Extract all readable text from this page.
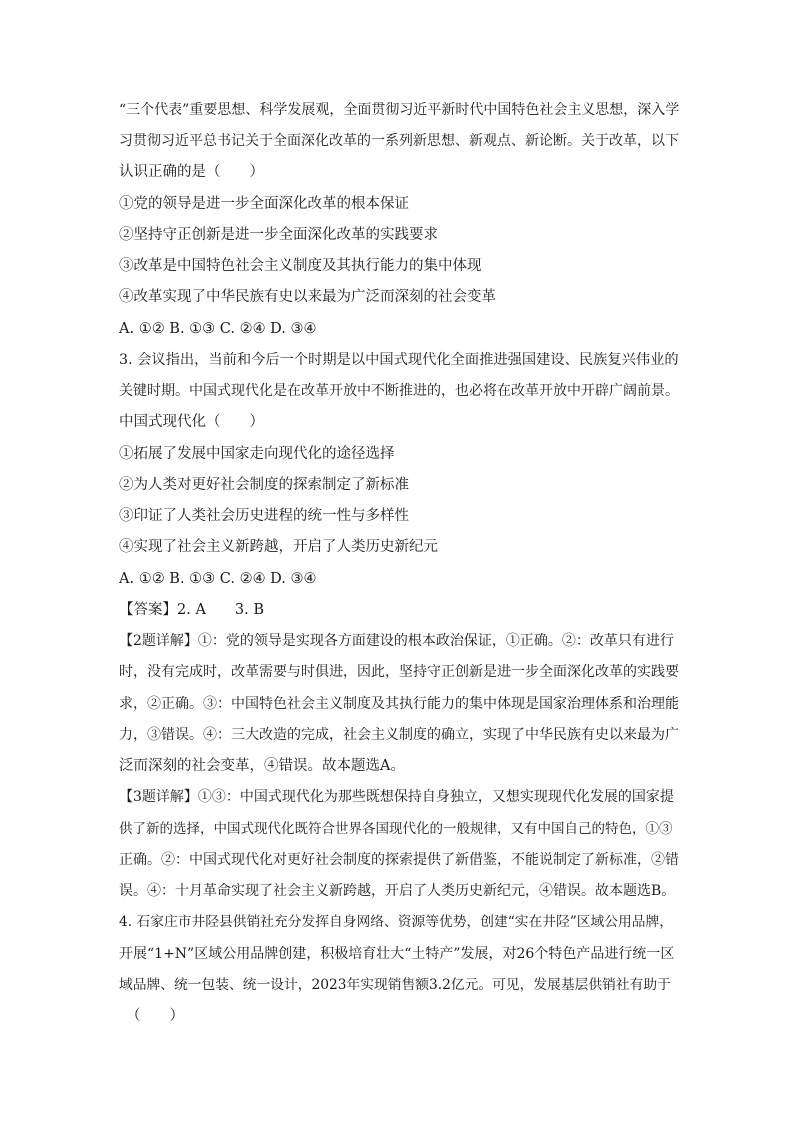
“三个代表”重要思想、科学发展观，全面贯彻习近平新时代中国特色社会主义思想，深入学
习贯彻习近平总书记关于全面深化改革的一系列新思想、新观点、新论断。关于改革，以下
认识正确的是（　　）
①党的领导是进一步全面深化改革的根本保证
②坚持守正创新是进一步全面深化改革的实践要求
③改革是中国特色社会主义制度及其执行能力的集中体现
④改革实现了中华民族有史以来最为广泛而深刻的社会变革
A. ①② B. ①③ C. ②④ D. ③④
3. 会议指出，当前和今后一个时期是以中国式现代化全面推进强国建设、民族复兴伟业的
关键时期。中国式现代化是在改革开放中不断推进的，也必将在改革开放中开辟广阔前景。
中国式现代化（　　）
①拓展了发展中国家走向现代化的途径选择
②为人类对更好社会制度的探索制定了新标准
③印证了人类社会历史进程的统一性与多样性
④实现了社会主义新跨越，开启了人类历史新纪元
A. ①② B. ①③ C. ②④ D. ③④
【答案】2. A　　3. B
【2题详解】①：党的领导是实现各方面建设的根本政治保证，①正确。②：改革只有进行
时，没有完成时，改革需要与时俱进，因此，坚持守正创新是进一步全面深化改革的实践要
求，②正确。③：中国特色社会主义制度及其执行能力的集中体现是国家治理体系和治理能
力，③错误。④：三大改造的完成，社会主义制度的确立，实现了中华民族有史以来最为广
泛而深刻的社会变革，④错误。故本题选A。
【3题详解】①③：中国式现代化为那些既想保持自身独立，又想实现现代化发展的国家提
供了新的选择，中国式现代化既符合世界各国现代化的一般规律，又有中国自己的特色，①③
正确。②：中国式现代化对更好社会制度的探索提供了新借鉴，不能说制定了新标准，②错
误。④：十月革命实现了社会主义新跨越，开启了人类历史新纪元，④错误。故本题选B。
4. 石家庄市井陉县供销社充分发挥自身网络、资源等优势，创建“实在井陉”区域公用品牌，
开展“1+N”区域公用品牌创建，积极培育壮大“土特产”发展，对26个特色产品进行统一区
域品牌、统一包装、统一设计，2023年实现销售额3.2亿元。可见，发展基层供销社有助于
（　　）
